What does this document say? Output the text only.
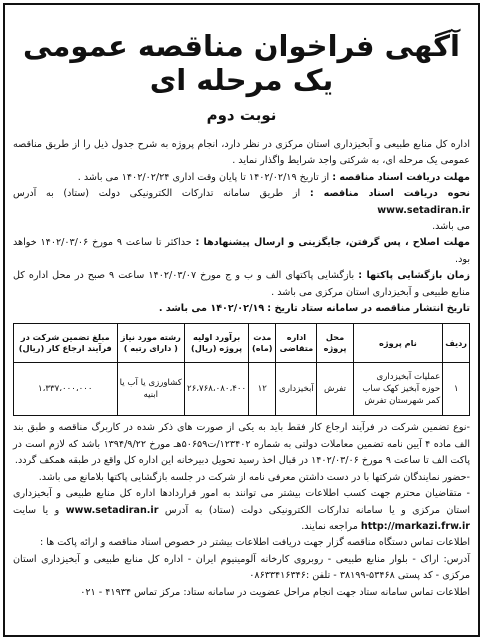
آگهی فراخوان مناقصه عمومی یک مرحله ای
نوبت دوم

اداره کل منابع طبیعی و آبخیزداری استان مرکزی در نظر دارد، انجام پروژه به شرح جدول ذیل را از طریق مناقصه عمومی یک مرحله ای، به شرکتی واجد شرایط واگذار نماید .

مهلت دریافت اسناد مناقصه : از تاریخ ۱۴۰۲/۰۲/۱۹ تا پایان وقت اداری ۱۴۰۲/۰۲/۲۴ می باشد .

نحوه دریافت اسناد مناقصه : از طریق سامانه تدارکات الکترونیکی دولت (ستاد) به آدرس www.setadiran.ir
می باشد.

مهلت اصلاح ، پس گرفتن، جایگزینی و ارسال پیشنهادها : حداکثر تا ساعت ۹ مورخ ۱۴۰۲/۰۳/۰۶ خواهد بود.

زمان بازگشایی پاکتها : بازگشایی پاکتهای الف و ب و ج مورخ ۱۴۰۲/۰۳/۰۷ ساعت ۹ صبح در محل اداره کل منابع طبیعی و آبخیزداری استان مرکزی می باشد .

تاریخ انتشار مناقصه در سامانه ستاد تاریخ : ۱۴۰۲/۰۲/۱۹ می باشد .

ردیف	نام پروژه	محل پروژه	اداره متقاضی	مدت (ماه)	برآورد اولیه پروژه (ریال)	رشته مورد نیاز ( دارای رتبه )	مبلغ تضمین شرکت در فرآیند ارجاع کار (ریال)
۱	عملیات آبخیزداری حوزه آبخیز کهک ساب کمر شهرستان تفرش	تفرش	آبخیزداری	۱۲	۲۶،۷۶۸،۰۸۰،۴۰۰	کشاورزی یا آب یا ابنیه	۱،۳۳۷،۰۰۰،۰۰۰

-نوع تضمین شرکت در فرآیند ارجاع کار فقط باید به یکی از صورت های ذکر شده در کاربرگ مناقصه و طبق بند الف ماده ۴ آیین نامه تضمین معاملات دولتی به شماره ۱۲۳۴۰۲/ت۵۰۶۵۹هـ مورخ ۱۳۹۴/۹/۲۲ باشد که لازم است در پاکت الف تا ساعت ۹ مورخ ۱۴۰۲/۰۳/۰۶ در قبال اخذ رسید تحویل دبیرخانه این اداره کل واقع در طبقه همکف گردد.

-حضور نمایندگان شرکتها با در دست داشتن معرفی نامه از شرکت در جلسه بازگشایی پاکتها بلامانع می باشد.

- متقاضیان محترم جهت کسب اطلاعات بیشتر می توانند به امور قراردادها اداره کل منابع طبیعی و آبخیزداری استان مرکزی و یا سامانه تدارکات الکترونیکی دولت (ستاد) به آدرس www.setadiran.ir و یا سایت http://markazi.frw.ir مراجعه نمایند.

اطلاعات تماس دستگاه مناقصه گزار جهت دریافت اطلاعات بیشتر در خصوص اسناد مناقصه و ارائه پاکت ها :

آدرس: اراک - بلوار منابع طبیعی - روبروی کارخانه آلومینیوم ایران - اداره کل منابع طبیعی و آبخیزداری استان مرکزی - کد پستی ۵۳۴۶۸-۳۸۱۹۹ - تلفن :۰۸۶۳۳۴۱۶۳۴۶

اطلاعات تماس سامانه ستاد جهت انجام مراحل عضویت در سامانه ستاد: مرکز تماس ۴۱۹۳۴ - ۰۲۱
